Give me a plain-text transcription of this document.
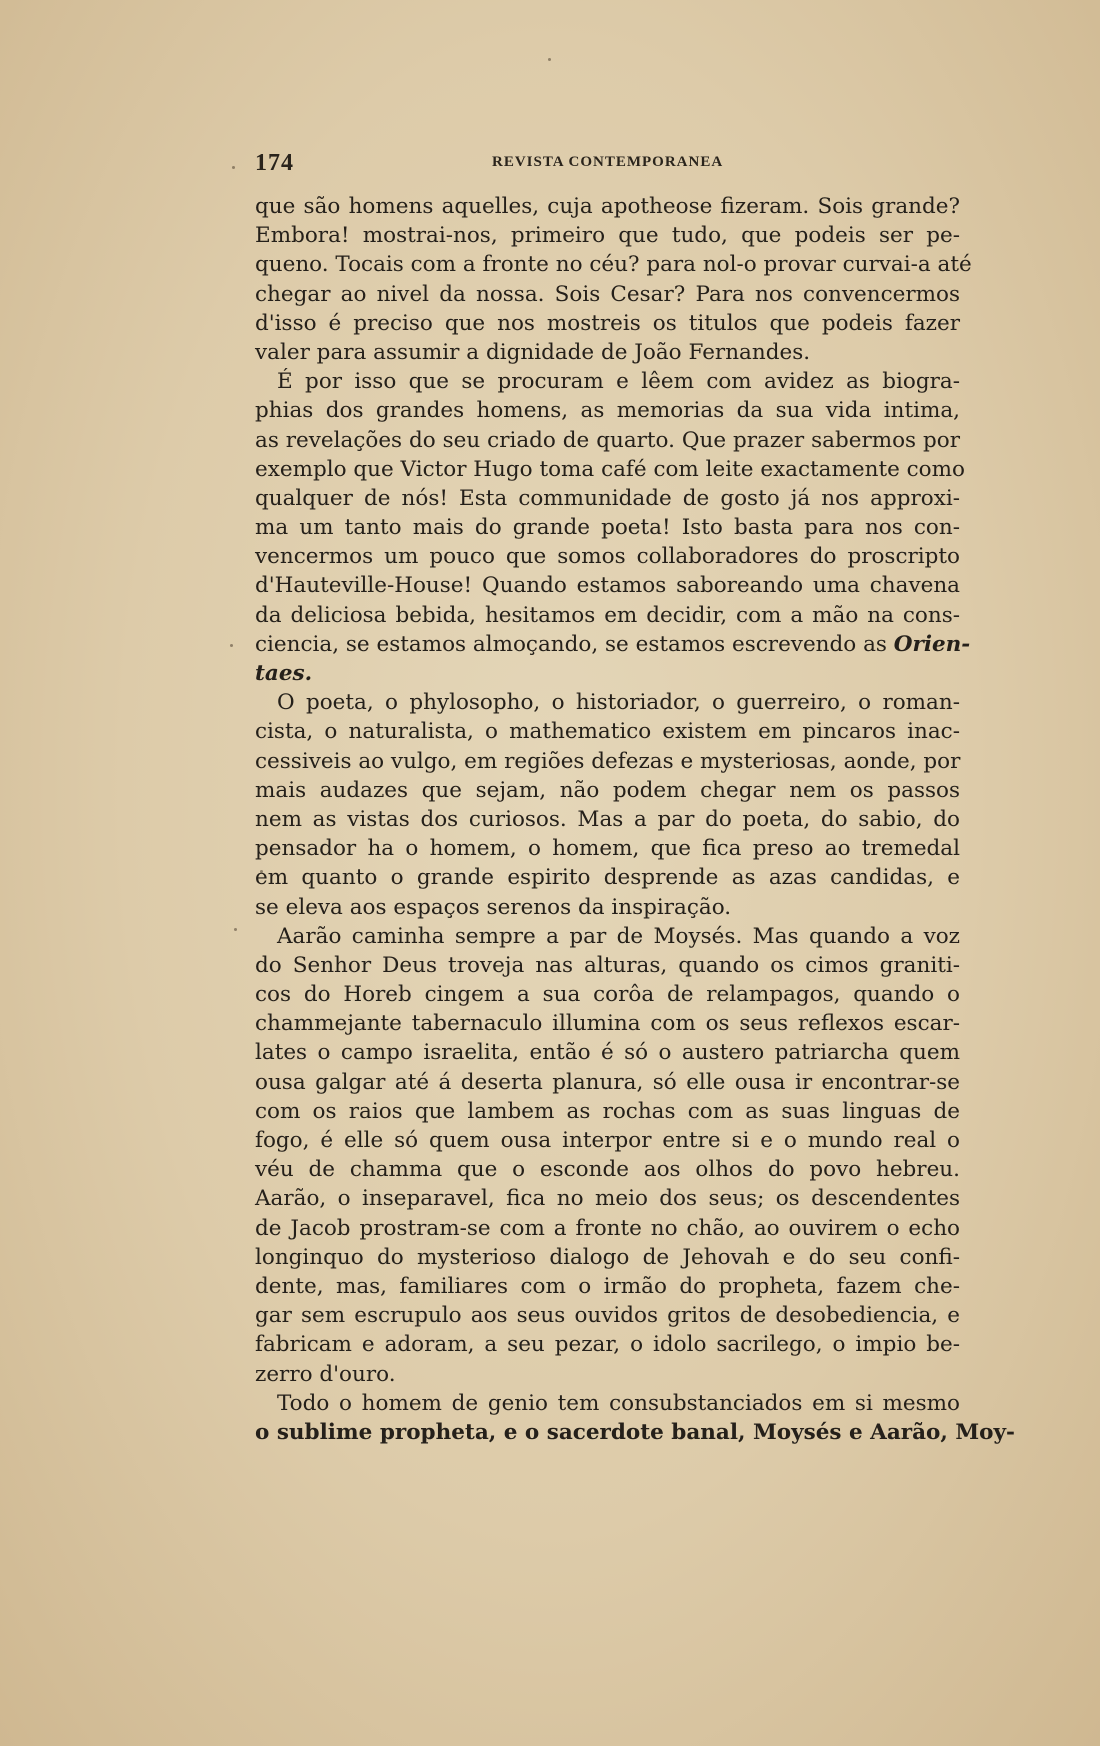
174	REVISTA CONTEMPORANEA
que são homens aquelles, cuja apotheose fizeram. Sois grande?
Embora! mostrai-nos, primeiro que tudo, que podeis ser pe-
queno. Tocais com a fronte no céu? para nol-o provar curvai-a até
chegar ao nivel da nossa. Sois Cesar? Para nos convencermos
d'isso é preciso que nos mostreis os titulos que podeis fazer
valer para assumir a dignidade de João Fernandes.
É por isso que se procuram e lêem com avidez as biogra-
phias dos grandes homens, as memorias da sua vida intima,
as revelações do seu criado de quarto. Que prazer sabermos por
exemplo que Victor Hugo toma café com leite exactamente como
qualquer de nós! Esta communidade de gosto já nos approxi-
ma um tanto mais do grande poeta! Isto basta para nos con-
vencermos um pouco que somos collaboradores do proscripto
d'Hauteville-House! Quando estamos saboreando uma chavena
da deliciosa bebida, hesitamos em decidir, com a mão na cons-
ciencia, se estamos almoçando, se estamos escrevendo as Orien-
taes.
O poeta, o phylosopho, o historiador, o guerreiro, o roman-
cista, o naturalista, o mathematico existem em pincaros inac-
cessiveis ao vulgo, em regiões defezas e mysteriosas, aonde, por
mais audazes que sejam, não podem chegar nem os passos
nem as vistas dos curiosos. Mas a par do poeta, do sabio, do
pensador ha o homem, o homem, que fica preso ao tremedal
em quanto o grande espirito desprende as azas candidas, e
se eleva aos espaços serenos da inspiração.
Aarão caminha sempre a par de Moysés. Mas quando a voz
do Senhor Deus troveja nas alturas, quando os cimos graniti-
cos do Horeb cingem a sua corôa de relampagos, quando o
chammejante tabernaculo illumina com os seus reflexos escar-
lates o campo israelita, então é só o austero patriarcha quem
ousa galgar até á deserta planura, só elle ousa ir encontrar-se
com os raios que lambem as rochas com as suas linguas de
fogo, é elle só quem ousa interpor entre si e o mundo real o
véu de chamma que o esconde aos olhos do povo hebreu.
Aarão, o inseparavel, fica no meio dos seus; os descendentes
de Jacob prostram-se com a fronte no chão, ao ouvirem o echo
longinquo do mysterioso dialogo de Jehovah e do seu confi-
dente, mas, familiares com o irmão do propheta, fazem che-
gar sem escrupulo aos seus ouvidos gritos de desobediencia, e
fabricam e adoram, a seu pezar, o idolo sacrilego, o impio be-
zerro d'ouro.
Todo o homem de genio tem consubstanciados em si mesmo
o sublime propheta, e o sacerdote banal, Moysés e Aarão, Moy-
